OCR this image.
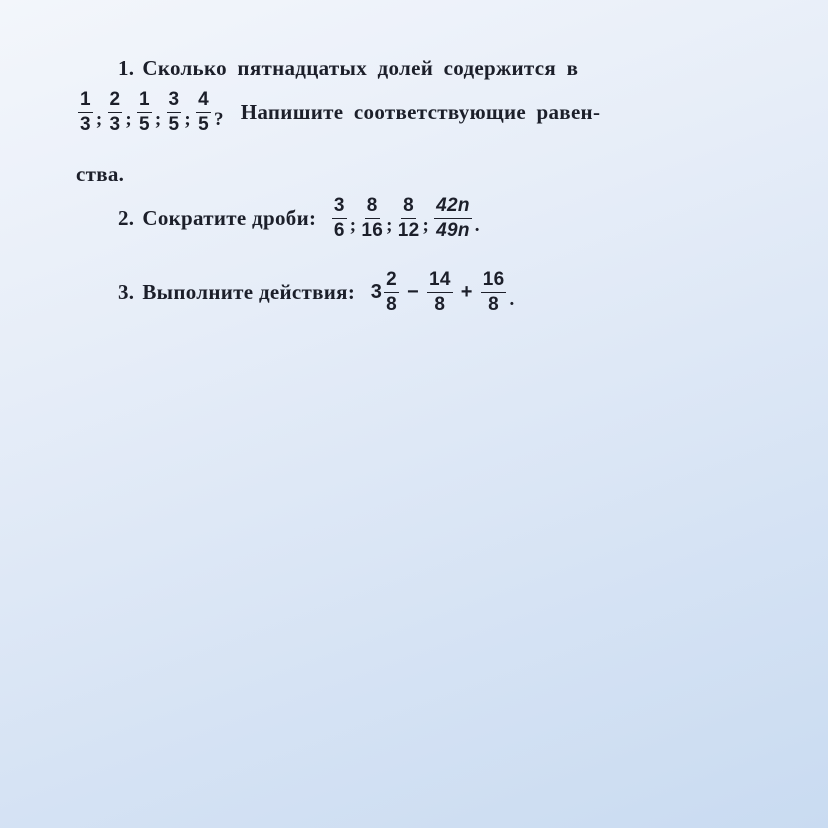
1. Сколько пятнадцатых долей содержится в
$\frac{1}{3}$ ; $\frac{2}{3}$ ; $\frac{1}{5}$ ; $\frac{3}{5}$ ; $\frac{4}{5}$ ? Напишите соответствующие равен-
ства.
2. Сократите дроби: $\frac{3}{6}$ ; $\frac{8}{16}$ ; $\frac{8}{12}$ ; $\frac{42n}{49n}$ .
3. Выполните действия: $3 \frac{2}{8} - \frac{14}{8} + \frac{16}{8}$ .
